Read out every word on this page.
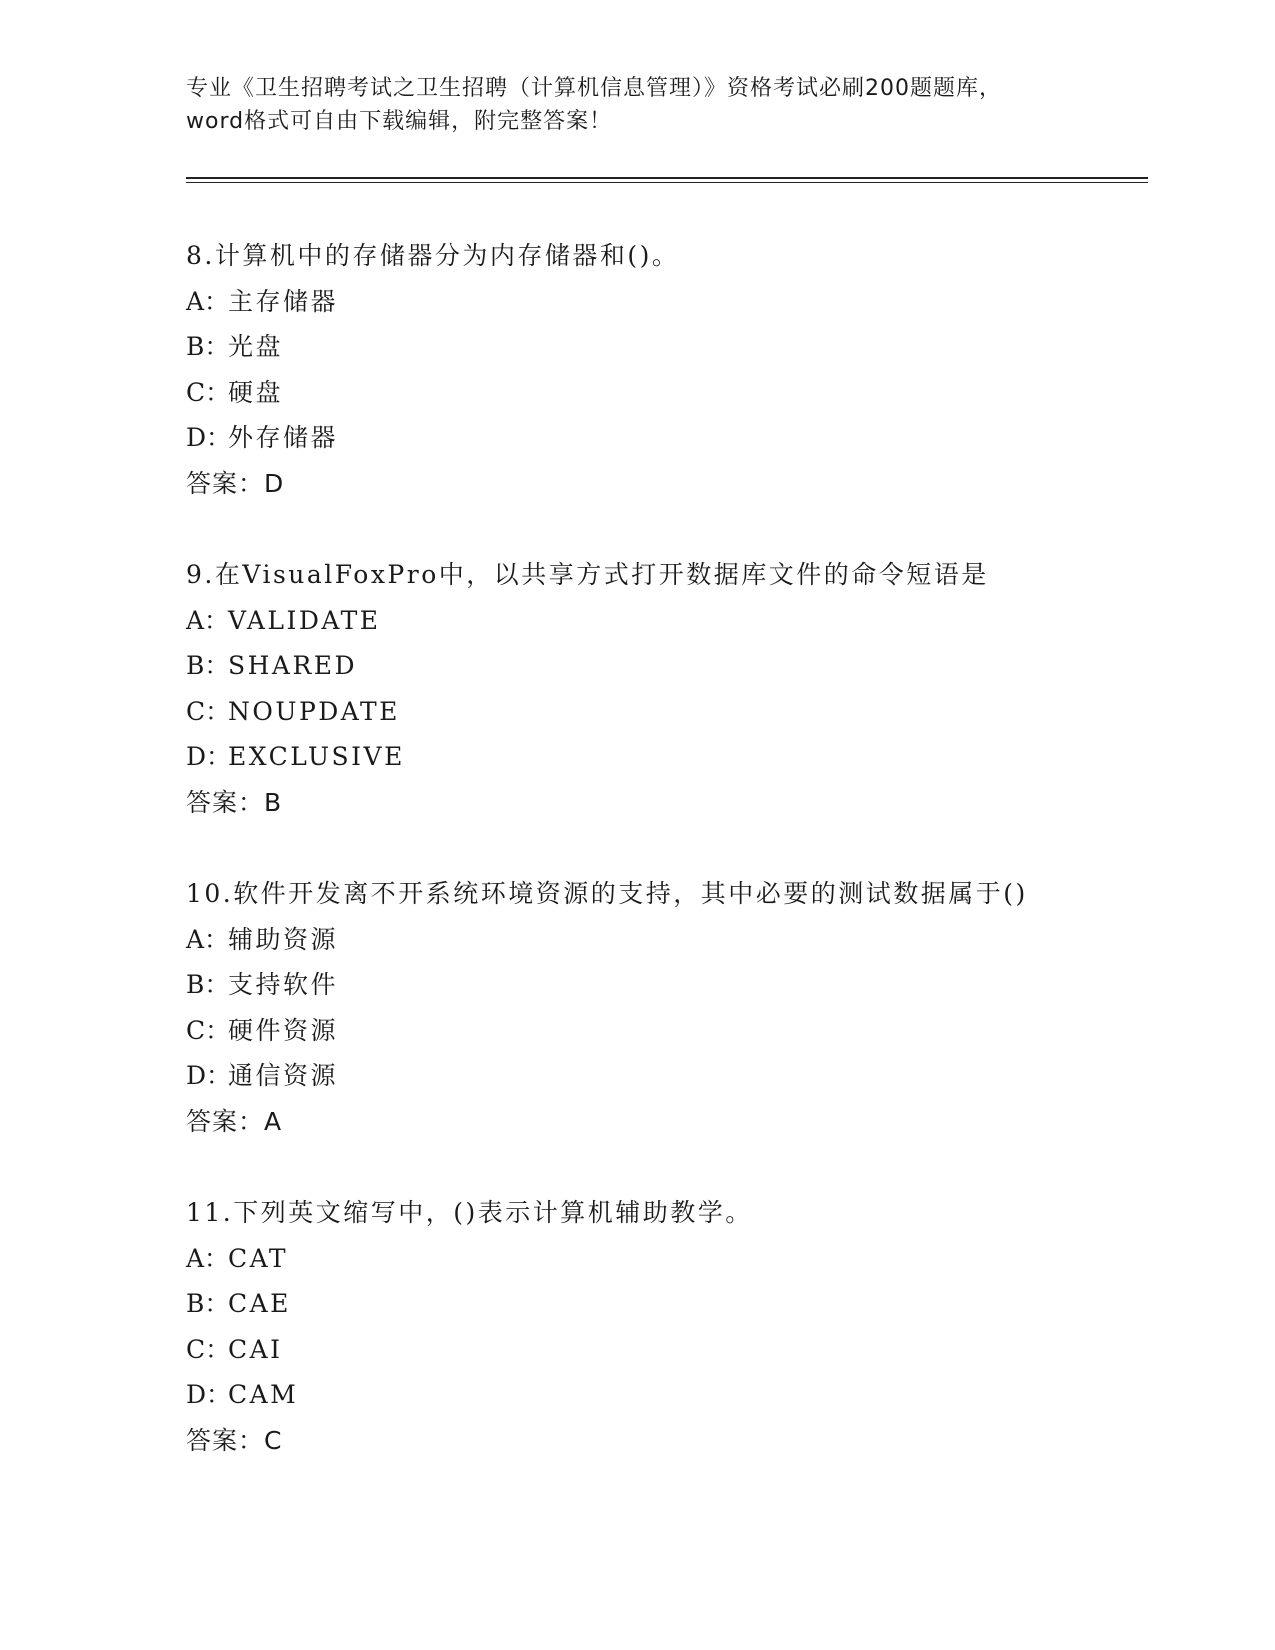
专业《卫生招聘考试之卫生招聘（计算机信息管理）》资格考试必刷200题题库，
word格式可自由下载编辑，附完整答案！
8.计算机中的存储器分为内存储器和()。
A：主存储器
B：光盘
C：硬盘
D：外存储器
答案：D
9.在VisualFoxPro中，以共享方式打开数据库文件的命令短语是
A：VALIDATE
B：SHARED
C：NOUPDATE
D：EXCLUSIVE
答案：B
10.软件开发离不开系统环境资源的支持，其中必要的测试数据属于()
A：辅助资源
B：支持软件
C：硬件资源
D：通信资源
答案：A
11.下列英文缩写中，()表示计算机辅助教学。
A：CAT
B：CAE
C：CAI
D：CAM
答案：C
